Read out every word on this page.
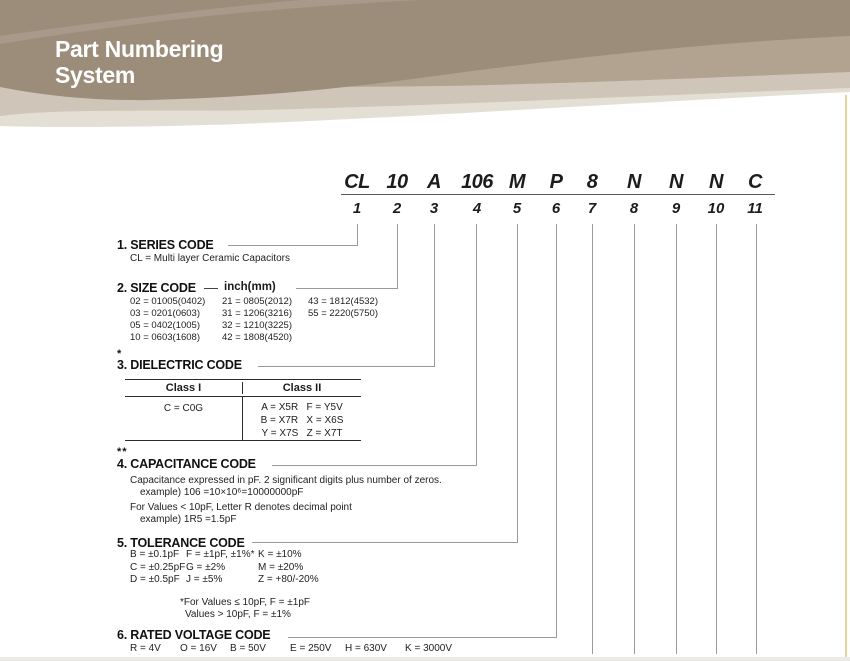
Part Numbering
System
CL 10 A 106 M P 8 N N N C
1 2 3 4 5 6 7 8 9 10 11
1. SERIES CODE
CL = Multi layer Ceramic Capacitors
2. SIZE CODE inch(mm)
02 = 01005(0402)
03 = 0201(0603)
05 = 0402(1005)
10 = 0603(1608)
21 = 0805(2012)
31 = 1206(3216)
32 = 1210(3225)
42 = 1808(4520)
43 = 1812(4532)
55 = 2220(5750)
*
3. DIELECTRIC CODE
Class I	Class II
C = C0G	A = X5R   F = Y5V
B = X7R   X = X6S
Y = X7S   Z = X7T
**
4. CAPACITANCE CODE
Capacitance expressed in pF. 2 significant digits plus number of zeros.
example) 106 =10×10⁶=10000000pF
For Values < 10pF, Letter R denotes decimal point
example) 1R5 =1.5pF
5. TOLERANCE CODE
B = ±0.1pF
C = ±0.25pF
D = ±0.5pF
F = ±1pF, ±1%*
G = ±2%
J = ±5%
K = ±10%
M = ±20%
Z = +80/-20%
*For Values ≤ 10pF, F = ±1pF
Values > 10pF, F = ±1%
6. RATED VOLTAGE CODE
R = 4V O = 16V B = 50V E = 250V H = 630V K = 3000V
